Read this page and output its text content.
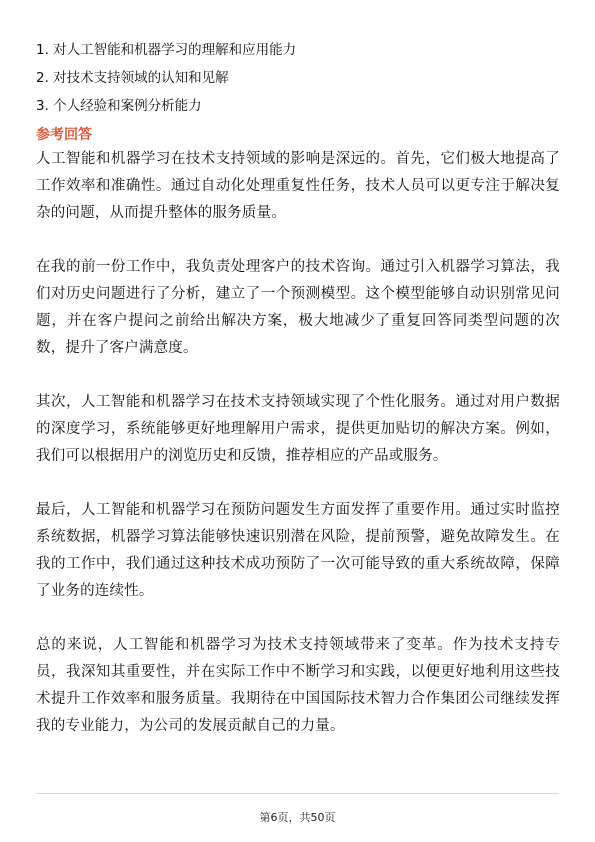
1. 对人工智能和机器学习的理解和应用能力
2. 对技术支持领域的认知和见解
3. 个人经验和案例分析能力
参考回答

人工智能和机器学习在技术支持领域的影响是深远的。首先，它们极大地提高了工作效率和准确性。通过自动化处理重复性任务，技术人员可以更专注于解决复杂的问题，从而提升整体的服务质量。

在我的前一份工作中，我负责处理客户的技术咨询。通过引入机器学习算法，我们对历史问题进行了分析，建立了一个预测模型。这个模型能够自动识别常见问题，并在客户提问之前给出解决方案，极大地减少了重复回答同类型问题的次数，提升了客户满意度。

其次，人工智能和机器学习在技术支持领域实现了个性化服务。通过对用户数据的深度学习，系统能够更好地理解用户需求，提供更加贴切的解决方案。例如，我们可以根据用户的浏览历史和反馈，推荐相应的产品或服务。

最后，人工智能和机器学习在预防问题发生方面发挥了重要作用。通过实时监控系统数据，机器学习算法能够快速识别潜在风险，提前预警，避免故障发生。在我的工作中，我们通过这种技术成功预防了一次可能导致的重大系统故障，保障了业务的连续性。

总的来说，人工智能和机器学习为技术支持领域带来了变革。作为技术支持专员，我深知其重要性，并在实际工作中不断学习和实践，以便更好地利用这些技术提升工作效率和服务质量。我期待在中国国际技术智力合作集团公司继续发挥我的专业能力，为公司的发展贡献自己的力量。

第6页，共50页
